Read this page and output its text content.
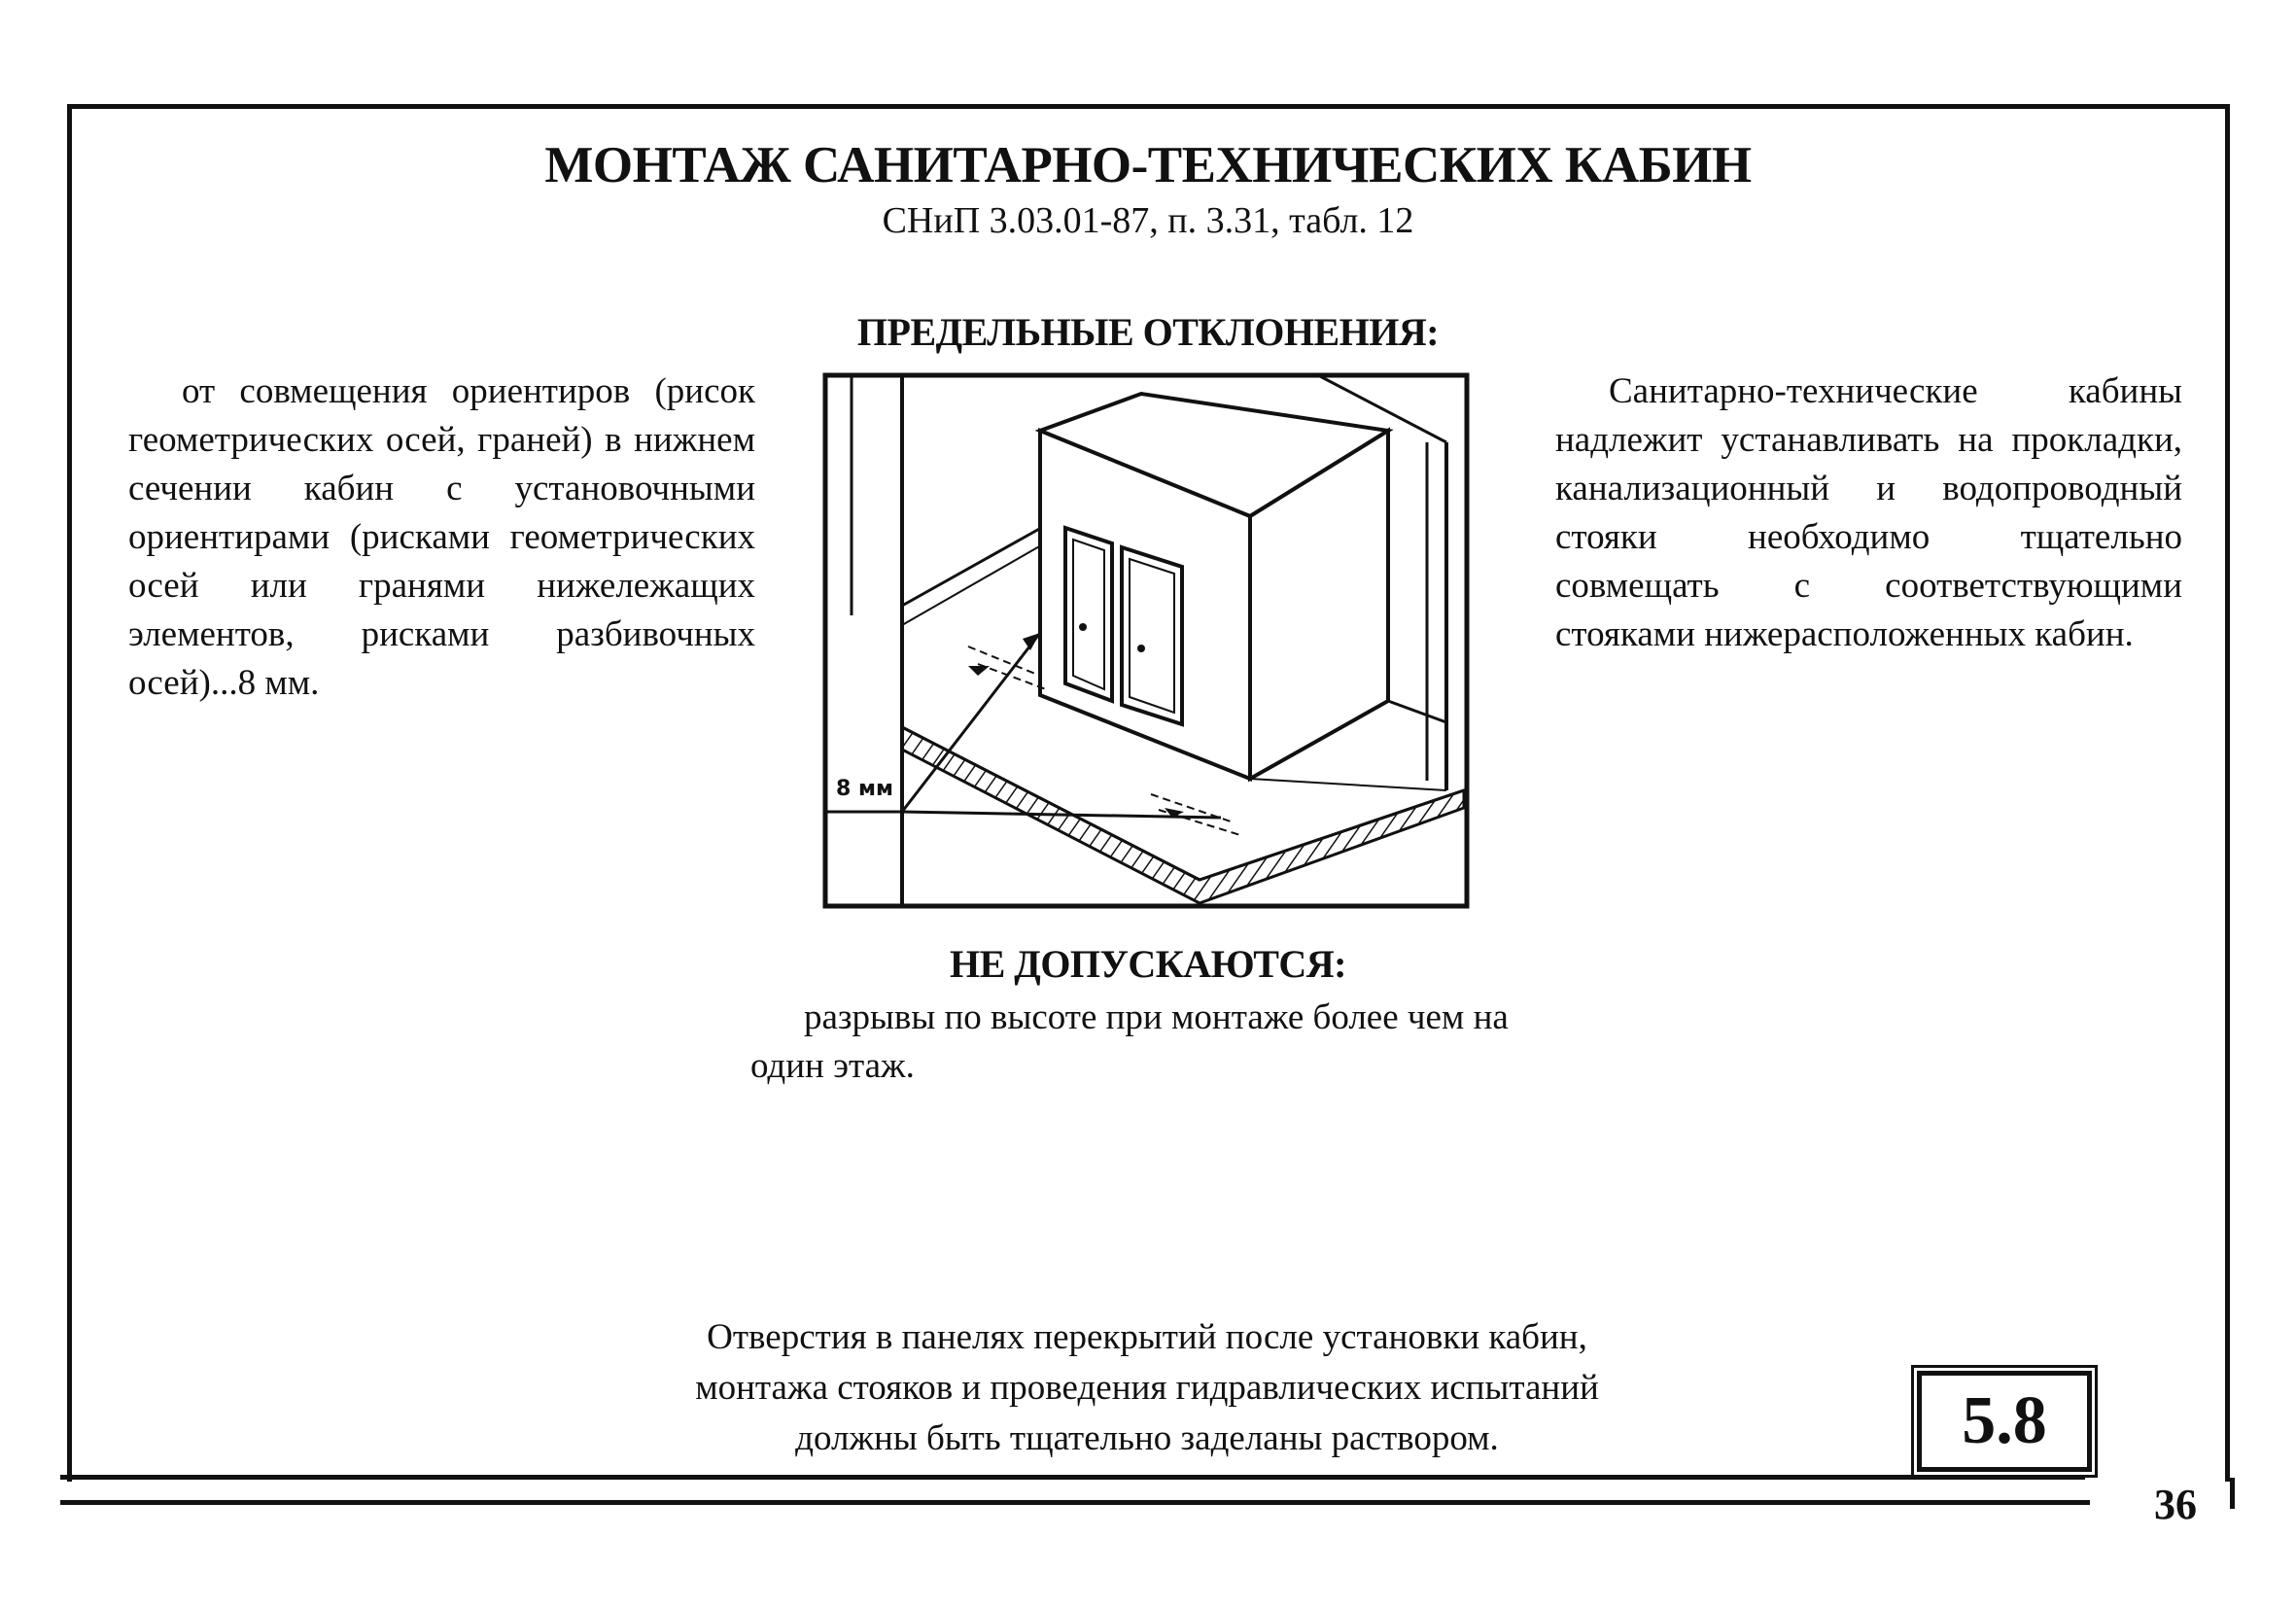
МОНТАЖ САНИТАРНО-ТЕХНИЧЕСКИХ КАБИН
СНиП 3.03.01-87, п. 3.31, табл. 12
ПРЕДЕЛЬНЫЕ ОТКЛОНЕНИЯ:
от совмещения ориентиров (рисок геометрических осей, граней) в нижнем сечении кабин с установочными ориентирами (рисками геометрических осей или гранями нижележащих элементов, рисками разбивочных осей)...8 мм.
Санитарно-технические кабины надлежит устанавливать на прокладки, канализационный и водопроводный стояки необходимо тщательно совмещать с соответствующими стояками нижерасположенных кабин.
8 мм
НЕ ДОПУСКАЮТСЯ:
разрывы по высоте при монтаже более чем на один этаж.
Отверстия в панелях перекрытий после установки кабин,
монтажа стояков и проведения гидравлических испытаний
должны быть тщательно заделаны раствором.	5.8
36
